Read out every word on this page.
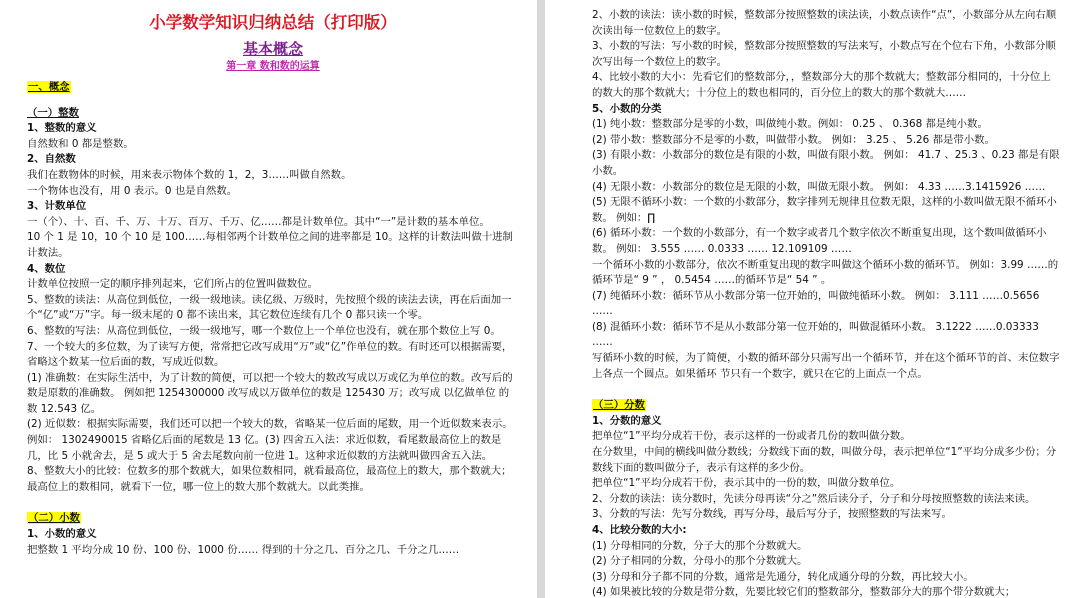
小学数学知识归纳总结（打印版）

基本概念

第一章 数和数的运算

一、概念

（一）整数

1、整数的意义

自然数和 0 都是整数。

2、自然数

我们在数物体的时候，用来表示物体个数的 1，2，3……叫做自然数。

一个物体也没有，用 0 表示。0 也是自然数。

3、计数单位

一（个）、十、百、千、万、十万、百万、千万、亿……都是计数单位。其中“一”是计数的基本单位。

10 个 1 是 10，10 个 10 是 100……每相邻两个计数单位之间的进率都是 10。这样的计数法叫做十进制计数法。

4、数位

计数单位按照一定的顺序排列起来，它们所占的位置叫做数位。

5、整数的读法：从高位到低位，一级一级地读。读亿级、万级时，先按照个级的读法去读，再在后面加一个“亿”或“万”字。每一级末尾的 0 都不读出来，其它数位连续有几个 0 都只读一个零。

6、整数的写法：从高位到低位，一级一级地写，哪一个数位上一个单位也没有，就在那个数位上写 0。

7、一个较大的多位数，为了读写方便，常常把它改写成用“万”或“亿”作单位的数。有时还可以根据需要，省略这个数某一位后面的数，写成近似数。

(1) 准确数：在实际生活中，为了计数的简便，可以把一个较大的数改写成以万或亿为单位的数。改写后的数是原数的准确数。 例如把 1254300000 改写成以万做单位的数是 125430 万；改写成 以亿做单位 的数 12.543 亿。

(2) 近似数：根据实际需要，我们还可以把一个较大的数，省略某一位后面的尾数，用一个近似数来表示。 例如： 1302490015 省略亿后面的尾数是 13 亿。(3) 四舍五入法：求近似数，看尾数最高位上的数是几，比 5 小就舍去，是 5 或大于 5 舍去尾数向前一位进 1。这种求近似数的方法就叫做四舍五入法。

8、整数大小的比较：位数多的那个数就大，如果位数相同，就看最高位，最高位上的数大，那个数就大；最高位上的数相同，就看下一位，哪一位上的数大那个数就大。以此类推。

（二）小数

1、小数的意义

把整数 1 平均分成 10 份、100 份、1000 份…… 得到的十分之几、百分之几、千分之几……

2、小数的读法：读小数的时候，整数部分按照整数的读法读，小数点读作“点”，小数部分从左向右顺次读出每一位数位上的数字。

3、小数的写法：写小数的时候，整数部分按照整数的写法来写，小数点写在个位右下角，小数部分顺次写出每一个数位上的数字。

4、比较小数的大小：先看它们的整数部分，，整数部分大的那个数就大；整数部分相同的，十分位上的数大的那个数就大；十分位上的数也相同的，百分位上的数大的那个数就大……

5、小数的分类

(1) 纯小数：整数部分是零的小数，叫做纯小数。例如： 0.25 、 0.368 都是纯小数。

(2) 带小数：整数部分不是零的小数，叫做带小数。 例如： 3.25 、 5.26 都是带小数。

(3) 有限小数：小数部分的数位是有限的小数，叫做有限小数。 例如： 41.7 、25.3 、0.23 都是有限小数。

(4) 无限小数：小数部分的数位是无限的小数，叫做无限小数。 例如： 4.33 ……3.1415926 ……

(5) 无限不循环小数：一个数的小数部分，数字排列无规律且位数无限，这样的小数叫做无限不循环小数。 例如：∏

(6) 循环小数：一个数的小数部分，有一个数字或者几个数字依次不断重复出现，这个数叫做循环小数。 例如： 3.555 …… 0.0333 …… 12.109109 ……

一个循环小数的小数部分，依次不断重复出现的数字叫做这个循环小数的循环节。 例如：3.99 ……的循环节是“ 9 ” ， 0.5454 ……的循环节是“ 54 ” 。

(7) 纯循环小数：循环节从小数部分第一位开始的，叫做纯循环小数。 例如： 3.111 ……0.5656 ……

(8) 混循环小数：循环节不是从小数部分第一位开始的，叫做混循环小数。 3.1222 ……0.03333 ……

写循环小数的时候，为了简便，小数的循环部分只需写出一个循环节，并在这个循环节的首、末位数字上各点一个圆点。如果循环 节只有一个数字，就只在它的上面点一个点。

（三）分数

1、分数的意义

把单位“1”平均分成若干份，表示这样的一份或者几份的数叫做分数。

在分数里，中间的横线叫做分数线；分数线下面的数，叫做分母，表示把单位“1”平均分成多少份；分数线下面的数叫做分子，表示有这样的多少份。

把单位“1”平均分成若干份，表示其中的一份的数，叫做分数单位。

2、分数的读法：读分数时，先读分母再读“分之”然后读分子，分子和分母按照整数的读法来读。

3、分数的写法：先写分数线，再写分母，最后写分子，按照整数的写法来写。

4、比较分数的大小:

(1) 分母相同的分数，分子大的那个分数就大。

(2) 分子相同的分数，分母小的那个分数就大。

(3) 分母和分子都不同的分数，通常是先通分，转化成通分母的分数，再比较大小。

(4) 如果被比较的分数是带分数，先要比较它们的整数部分，整数部分大的那个带分数就大；
